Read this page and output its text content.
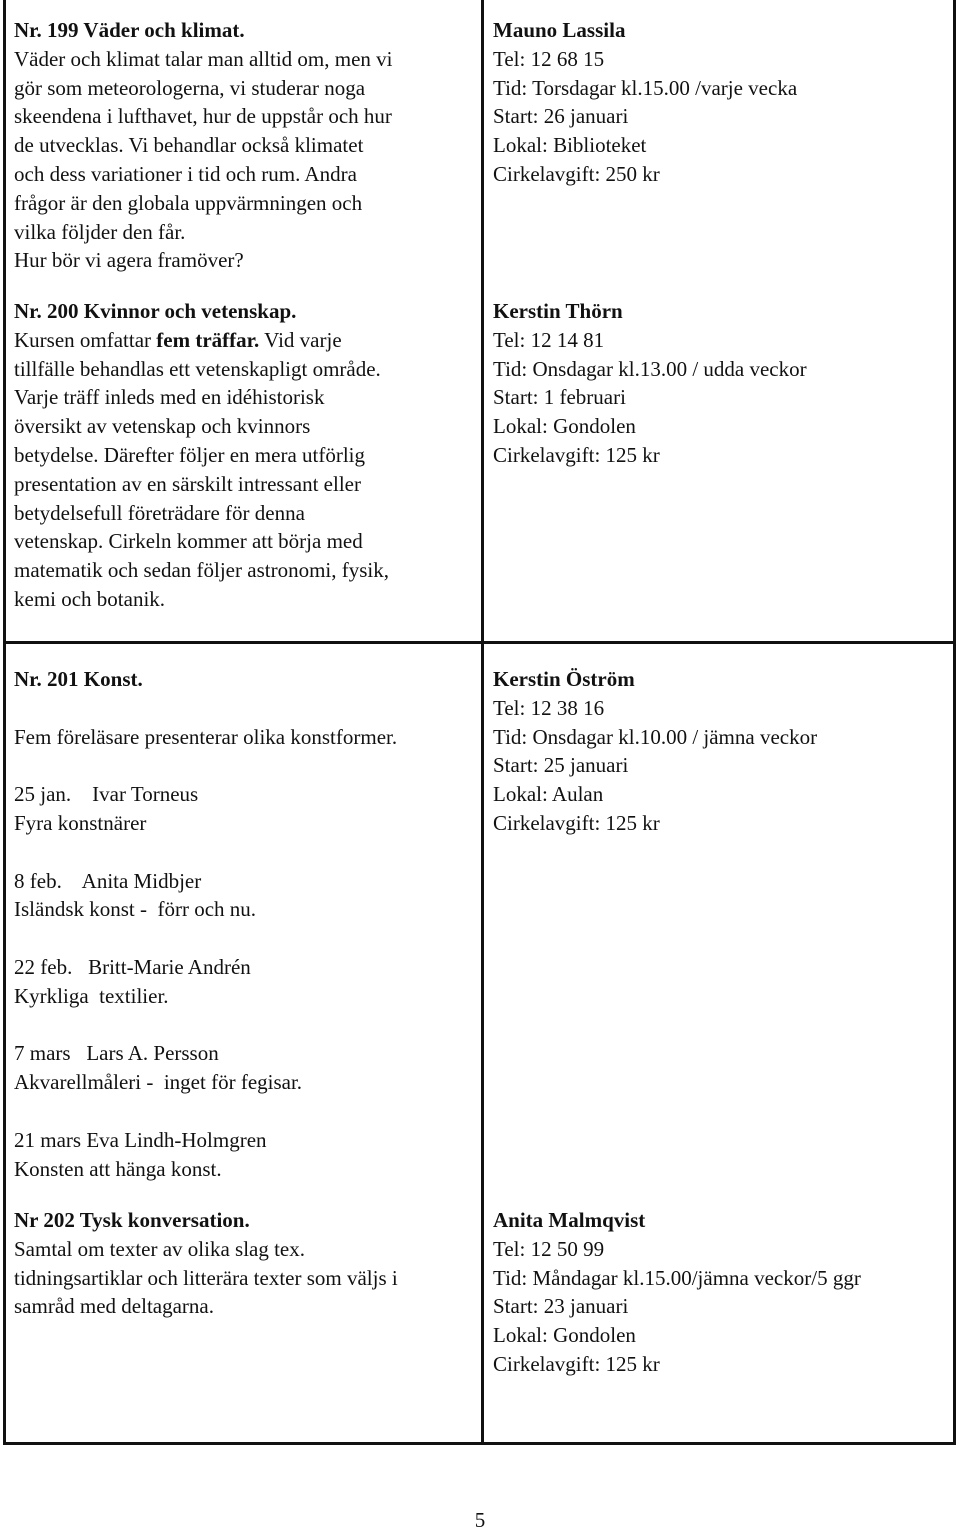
Nr. 199 Väder och klimat.
Väder och klimat talar man alltid om, men vi
gör som meteorologerna, vi studerar noga
skeendena i lufthavet, hur de uppstår och hur
de utvecklas. Vi behandlar också klimatet
och dess variationer i tid och rum. Andra
frågor är den globala uppvärmningen och
vilka följder den får.
Hur bör vi agera framöver?
Mauno Lassila
Tel: 12 68 15
Tid: Torsdagar kl.15.00 /varje vecka
Start: 26 januari
Lokal: Biblioteket
Cirkelavgift: 250 kr
Nr. 200 Kvinnor och vetenskap.
Kursen omfattar fem träffar. Vid varje
tillfälle behandlas ett vetenskapligt område.
Varje träff inleds med en idéhistorisk
översikt av vetenskap och kvinnors
betydelse. Därefter följer en mera utförlig
presentation av en särskilt intressant eller
betydelsefull företrädare för denna
vetenskap. Cirkeln kommer att börja med
matematik och sedan följer astronomi, fysik,
kemi och botanik.
Kerstin Thörn
Tel: 12 14 81
Tid: Onsdagar kl.13.00 / udda veckor
Start: 1 februari
Lokal: Gondolen
Cirkelavgift: 125 kr
Nr. 201 Konst.
Fem föreläsare presenterar olika konstformer.
25 jan.    Ivar Torneus
Fyra konstnärer
8 feb.    Anita Midbjer
Isländsk konst -  förr och nu.
22 feb.   Britt-Marie Andrén
Kyrkliga  textilier.
7 mars   Lars A. Persson
Akvarellmåleri -  inget för fegisar.
21 mars Eva Lindh-Holmgren
Konsten att hänga konst.
Kerstin Öström
Tel: 12 38 16
Tid: Onsdagar kl.10.00 / jämna veckor
Start: 25 januari
Lokal: Aulan
Cirkelavgift: 125 kr
Nr 202 Tysk konversation.
Samtal om texter av olika slag tex.
tidningsartiklar och litterära texter som väljs i
samråd med deltagarna.
Anita Malmqvist
Tel: 12 50 99
Tid: Måndagar kl.15.00/jämna veckor/5 ggr
Start: 23 januari
Lokal: Gondolen
Cirkelavgift: 125 kr
5
